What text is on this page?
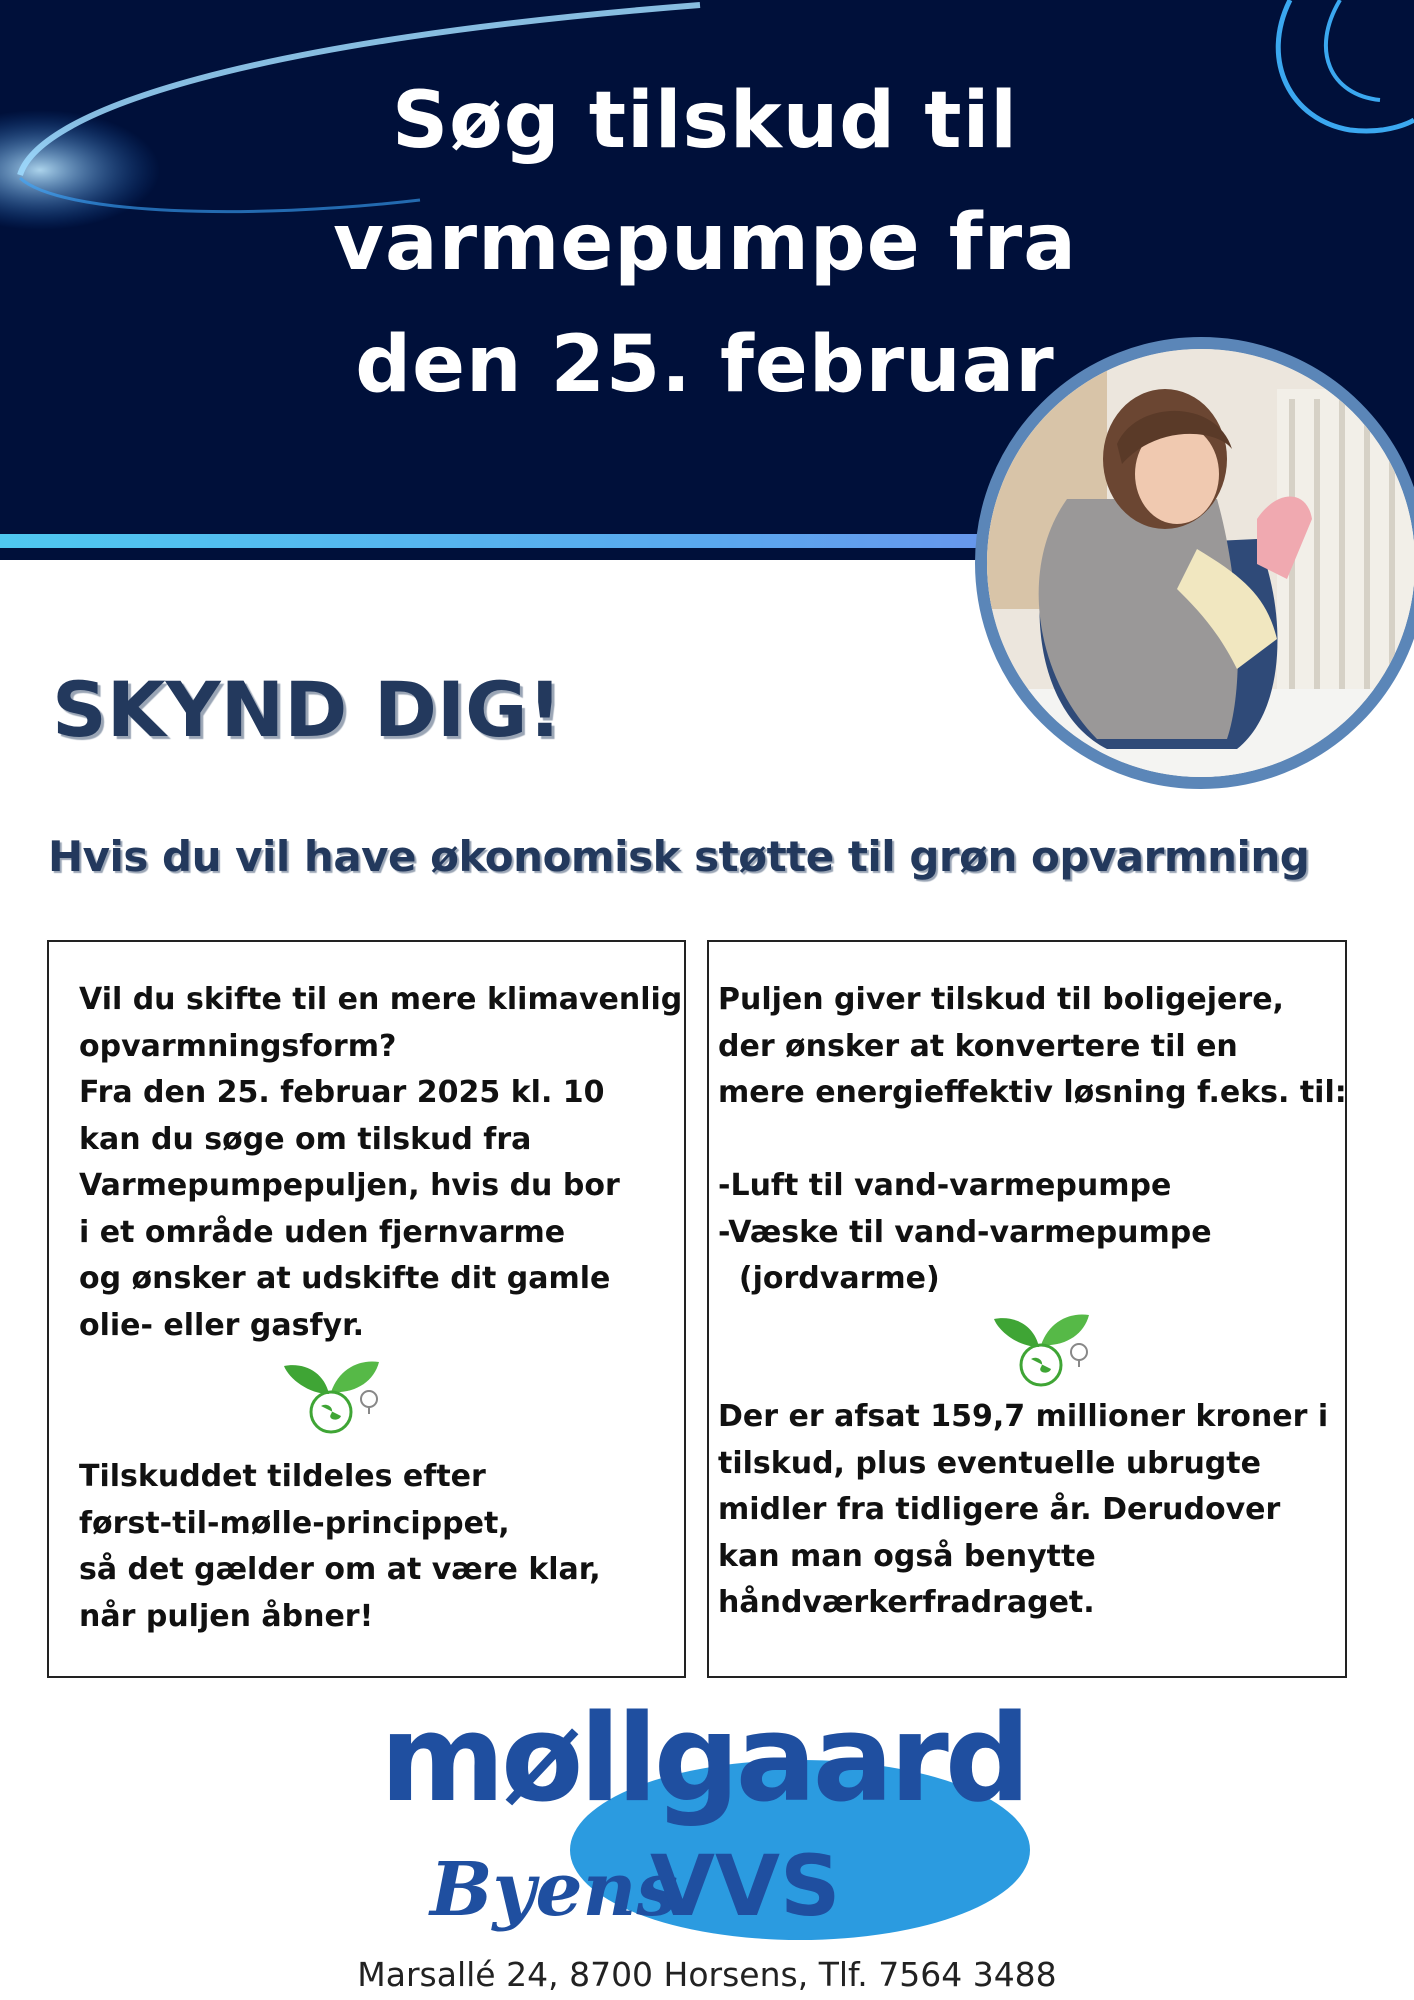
Søg tilskud til
varmepumpe fra
den 25. februar
SKYND DIG!
Hvis du vil have økonomisk støtte til grøn opvarmning

Vil du skifte til en mere klimavenlig

opvarmningsform?

Fra den 25. februar 2025 kl. 10

kan du søge om tilskud fra

Varmepumpepuljen, hvis du bor

i et område uden fjernvarme

og ønsker at udskifte dit gamle

olie- eller gasfyr.

Tilskuddet tildeles efter

først-til-mølle-princippet,

så det gælder om at være klar,

når puljen åbner!

Puljen giver tilskud til boligejere,

der ønsker at konvertere til en

mere energieffektiv løsning f.eks. til:

-Luft til vand-varmepumpe

-Væske til vand-varmepumpe

(jordvarme)

Der er afsat 159,7 millioner kroner i

tilskud, plus eventuelle ubrugte

midler fra tidligere år. Derudover

kan man også benytte

håndværkerfradraget.

møllgaard
Byens
VVS
Marsallé 24, 8700 Horsens, Tlf. 7564 3488
